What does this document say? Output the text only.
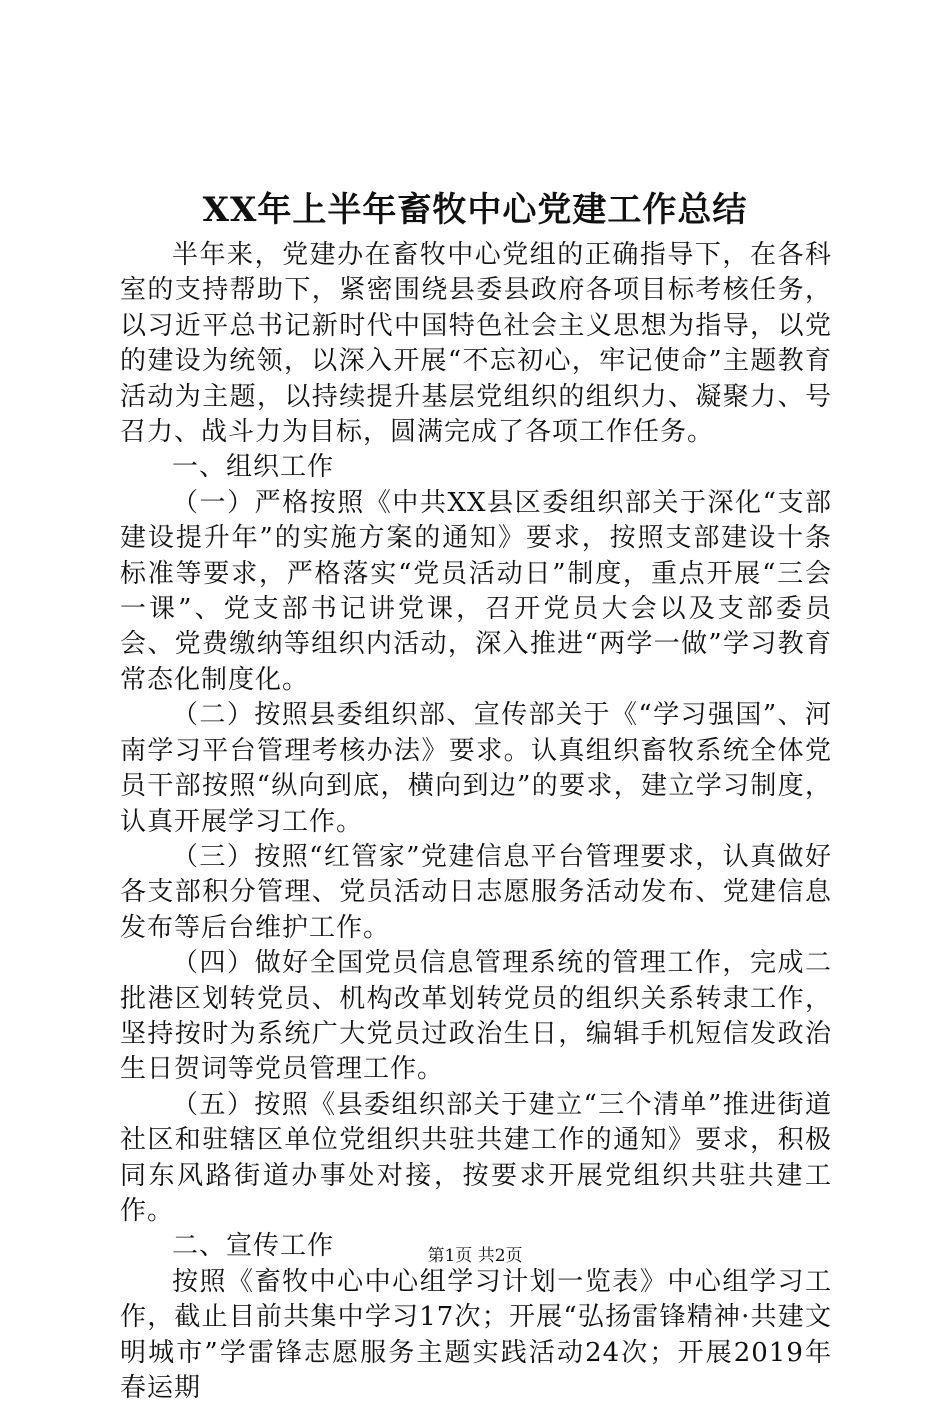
XX年上半年畜牧中心党建工作总结

半年来，党建办在畜牧中心党组的正确指导下，在各科室的支持帮助下，紧密围绕县委县政府各项目标考核任务，以习近平总书记新时代中国特色社会主义思想为指导，以党的建设为统领，以深入开展“不忘初心，牢记使命”主题教育活动为主题，以持续提升基层党组织的组织力、凝聚力、号召力、战斗力为目标，圆满完成了各项工作任务。

一、组织工作

（一）严格按照《中共XX县区委组织部关于深化“支部建设提升年”的实施方案的通知》要求，按照支部建设十条标准等要求，严格落实“党员活动日”制度，重点开展“三会一课”、党支部书记讲党课，召开党员大会以及支部委员会、党费缴纳等组织内活动，深入推进“两学一做”学习教育常态化制度化。

（二）按照县委组织部、宣传部关于《“学习强国”、河南学习平台管理考核办法》要求。认真组织畜牧系统全体党员干部按照“纵向到底，横向到边”的要求，建立学习制度，认真开展学习工作。

（三）按照“红管家”党建信息平台管理要求，认真做好各支部积分管理、党员活动日志愿服务活动发布、党建信息发布等后台维护工作。

（四）做好全国党员信息管理系统的管理工作，完成二批港区划转党员、机构改革划转党员的组织关系转隶工作，坚持按时为系统广大党员过政治生日，编辑手机短信发政治生日贺词等党员管理工作。

（五）按照《县委组织部关于建立“三个清单”推进街道社区和驻辖区单位党组织共驻共建工作的通知》要求，积极同东风路街道办事处对接，按要求开展党组织共驻共建工作。

二、宣传工作

按照《畜牧中心中心组学习计划一览表》中心组学习工作，截止目前共集中学习17次；开展“弘扬雷锋精神·共建文明城市”学雷锋志愿服务主题实践活动24次；开展2019年春运期

第1页 共2页
